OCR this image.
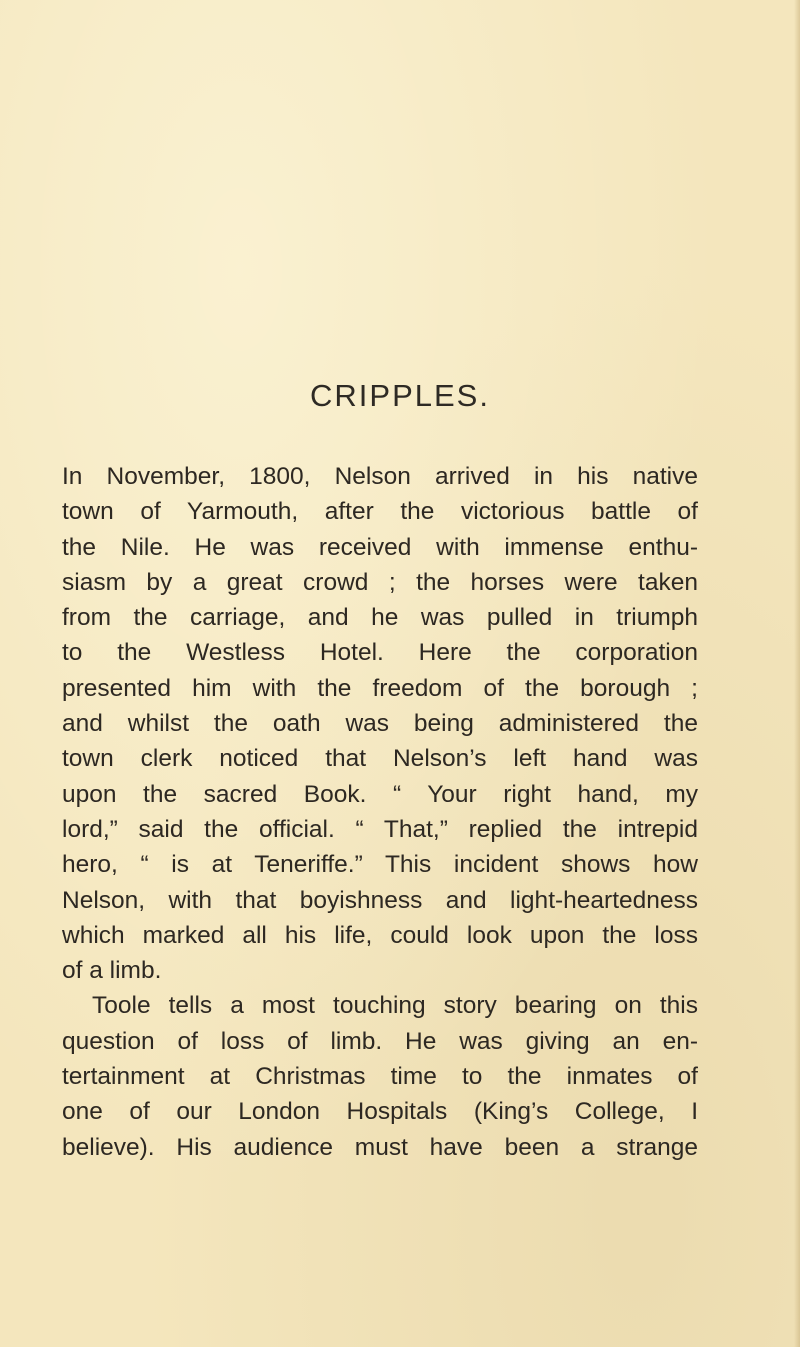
CRIPPLES.
In November, 1800, Nelson arrived in his native
town of Yarmouth, after the victorious battle of
the Nile. He was received with immense enthu-
siasm by a great crowd ; the horses were taken
from the carriage, and he was pulled in triumph
to the Westless Hotel. Here the corporation
presented him with the freedom of the borough ;
and whilst the oath was being administered the
town clerk noticed that Nelson’s left hand was
upon the sacred Book. “ Your right hand, my
lord,” said the official. “ That,” replied the intrepid
hero, “ is at Teneriffe.” This incident shows how
Nelson, with that boyishness and light-heartedness
which marked all his life, could look upon the loss
of a limb.
Toole tells a most touching story bearing on this
question of loss of limb. He was giving an en-
tertainment at Christmas time to the inmates of
one of our London Hospitals (King’s College, I
believe). His audience must have been a strange
